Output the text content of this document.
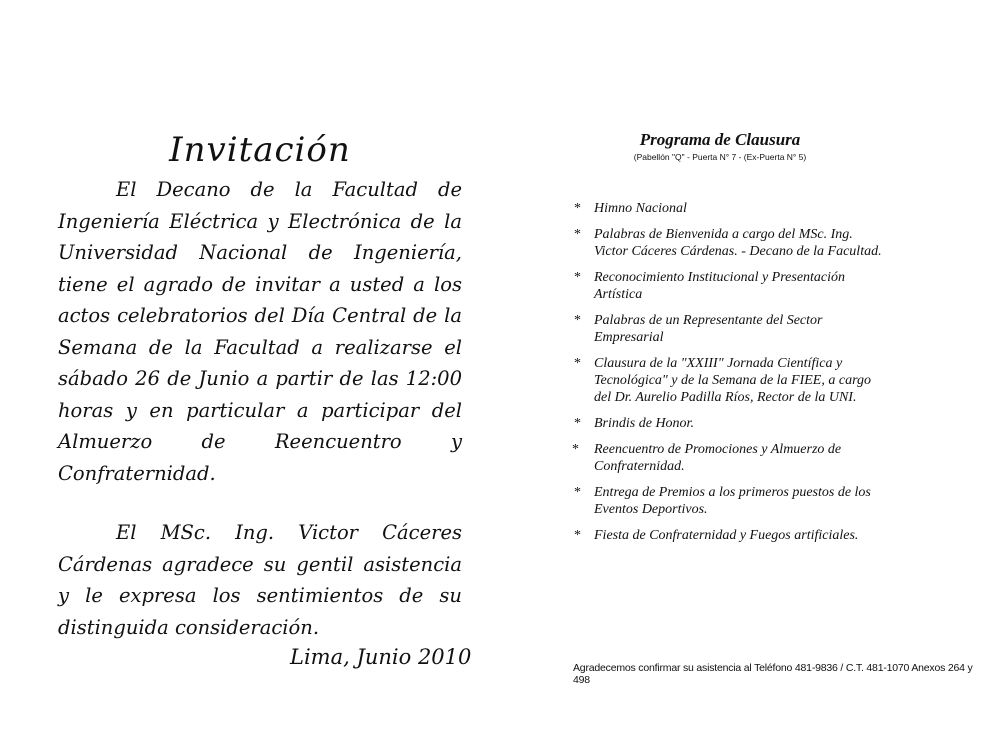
Invitación

El Decano de la Facultad de Ingeniería Eléctrica y Electrónica de la Universidad Nacional de Ingeniería, tiene el agrado de invitar a usted a los actos celebratorios del Día Central de la Semana de la Facultad a realizarse el sábado 26 de Junio a partir de las 12:00 horas y en particular a participar del Almuerzo de Reencuentro y Confraternidad.

El MSc. Ing. Victor Cáceres Cárdenas agradece su gentil asistencia y le expresa los sentimientos de su distinguida consideración.

Lima, Junio 2010
Programa de Clausura
(Pabellón "Q" - Puerta N° 7 - (Ex-Puerta N° 5)
* Himno Nacional
* Palabras de Bienvenida a cargo del MSc. Ing.
Victor Cáceres Cárdenas. - Decano de la Facultad.
* Reconocimiento Institucional y Presentación
Artística
* Palabras de un Representante del Sector
Empresarial
* Clausura de la "XXIII" Jornada Científica y
Tecnológica" y de la Semana de la FIEE, a cargo
del Dr. Aurelio Padilla Ríos, Rector de la UNI.
* Brindis de Honor.
* Reencuentro de Promociones y Almuerzo de
Confraternidad.
* Entrega de Premios a los primeros puestos de los
Eventos Deportivos.
* Fiesta de Confraternidad y Fuegos artificiales.
Agradecemos confirmar su asistencia al Teléfono 481-9836 / C.T. 481-1070 Anexos 264 y 498
